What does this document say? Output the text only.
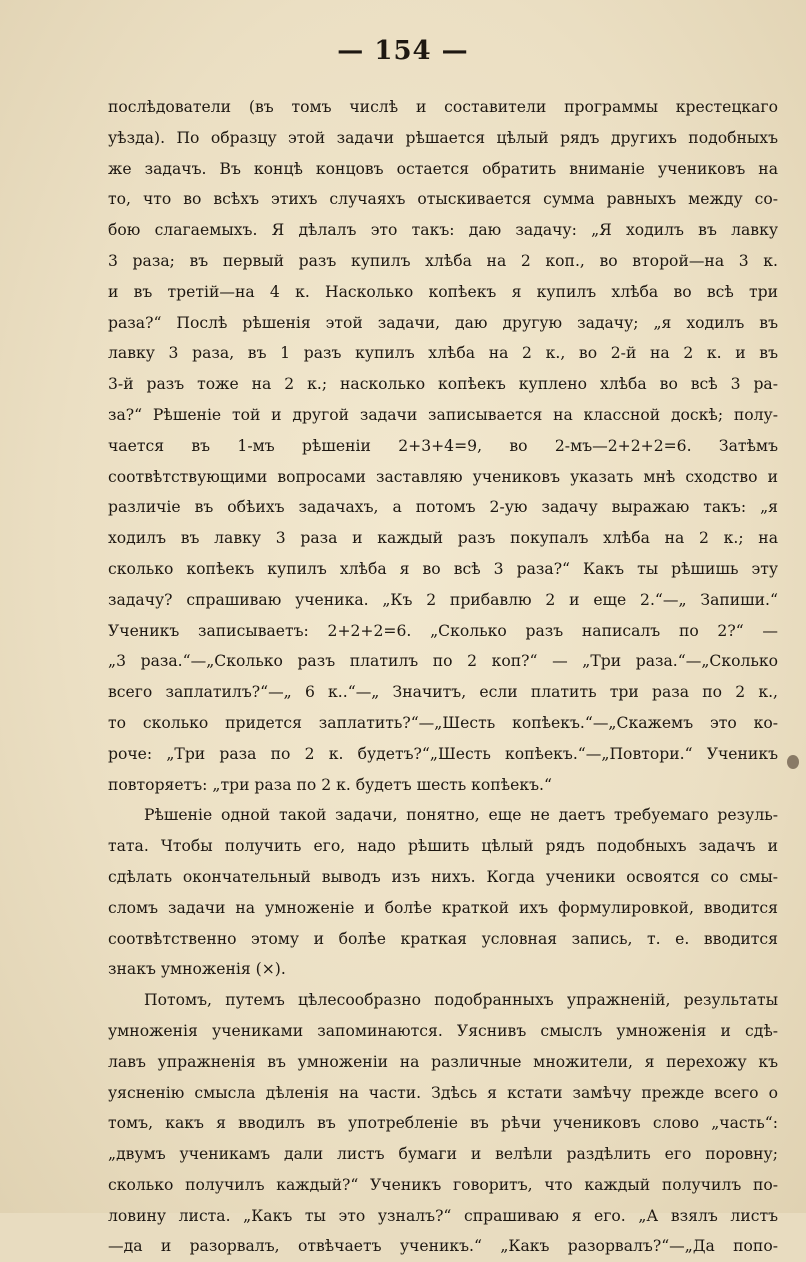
— 154 —
послѣдователи (въ томъ числѣ и составители программы крестецкаго
уѣзда). По образцу этой задачи рѣшается цѣлый рядъ другихъ подобныхъ
же задачъ. Въ концѣ концовъ остается обратить вниманіе учениковъ на
то, что во всѣхъ этихъ случаяхъ отыскивается сумма равныхъ между со-
бою слагаемыхъ. Я дѣлалъ это такъ: даю задачу: „Я ходилъ въ лавку
3 раза; въ первый разъ купилъ хлѣба на 2 коп., во второй—на 3 к.
и въ третій—на 4 к. Насколько копѣекъ я купилъ хлѣба во всѣ три
раза?“ Послѣ рѣшенія этой задачи, даю другую задачу; „я ходилъ въ
лавку 3 раза, въ 1 разъ купилъ хлѣба на 2 к., во 2-й на 2 к. и въ
3-й разъ тоже на 2 к.; насколько копѣекъ куплено хлѣба во всѣ 3 ра-
за?“ Рѣшеніе той и другой задачи записывается на классной доскѣ; полу-
чается въ 1-мъ рѣшеніи 2+3+4=9, во 2-мъ—2+2+2=6. Затѣмъ
соотвѣтствующими вопросами заставляю учениковъ указать мнѣ сходство и
различіе въ обѣихъ задачахъ, а потомъ 2-ую задачу выражаю такъ: „я
ходилъ въ лавку 3 раза и каждый разъ покупалъ хлѣба на 2 к.; на
сколько копѣекъ купилъ хлѣба я во всѣ 3 раза?“ Какъ ты рѣшишь эту
задачу? спрашиваю ученика. „Къ 2 прибавлю 2 и еще 2.“—„ Запиши.“
Ученикъ записываетъ: 2+2+2=6. „Сколько разъ написалъ по 2?“ —
„3 раза.“—„Сколько разъ платилъ по 2 коп?“ — „Три раза.“—„Сколько
всего заплатилъ?“—„ 6 к..“—„ Значитъ, если платить три раза по 2 к.,
то сколько придется заплатить?“—„Шесть копѣекъ.“—„Скажемъ это ко-
роче: „Три раза по 2 к. будетъ?“„Шесть копѣекъ.“—„Повтори.“ Ученикъ
повторяетъ: „три раза по 2 к. будетъ шесть копѣекъ.“
Рѣшеніе одной такой задачи, понятно, еще не даетъ требуемаго резуль-
тата. Чтобы получить его, надо рѣшить цѣлый рядъ подобныхъ задачъ и
сдѣлать окончательный выводъ изъ нихъ. Когда ученики освоятся со смы-
сломъ задачи на умноженіе и болѣе краткой ихъ формулировкой, вводится
соотвѣтственно этому и болѣе краткая условная запись, т. е. вводится
знакъ умноженія (×).
Потомъ, путемъ цѣлесообразно подобранныхъ упражненій, результаты
умноженія учениками запоминаются. Уяснивъ смыслъ умноженія и сдѣ-
лавъ упражненія въ умноженіи на различные множители, я перехожу къ
уясненію смысла дѣленія на части. Здѣсь я кстати замѣчу прежде всего о
томъ, какъ я вводилъ въ употребленіе въ рѣчи учениковъ слово „часть“:
„двумъ ученикамъ дали листъ бумаги и велѣли раздѣлить его поровну;
сколько получилъ каждый?“ Ученикъ говоритъ, что каждый получилъ по-
ловину листа. „Какъ ты это узналъ?“ спрашиваю я его. „А взялъ листъ
—да и разорвалъ, отвѣчаетъ ученикъ.“ „Какъ разорвалъ?“—„Да попо-
